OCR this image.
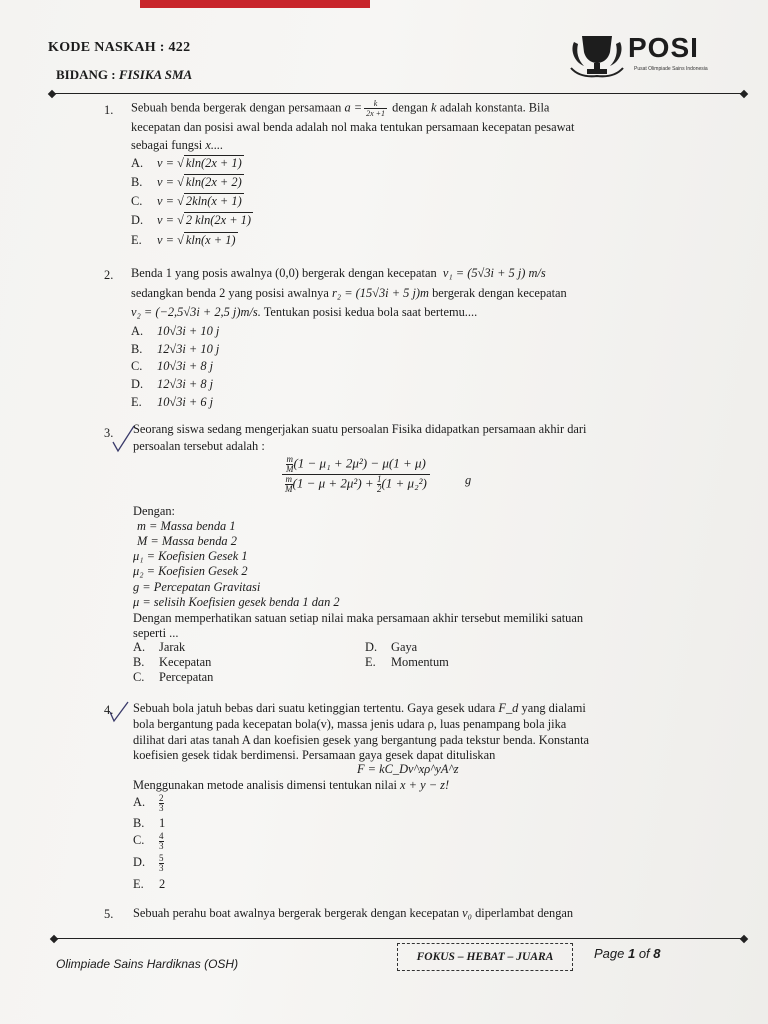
KODE NASKAH : 422
BIDANG : FISIKA SMA
POSI
Pusat Olimpiade Sains Indonesia
1. Sebuah benda bergerak dengan persamaan $a = \frac{k}{2x +1}$ dengan k adalah konstanta. Bila
kecepatan dan posisi awal benda adalah nol maka tentukan persamaan kecepatan pesawat
sebagai fungsi x....
A. v = √ kln(2x + 1)
B. v = √ kln(2x + 2)
C. v = √ 2kln(x + 1)
D. v = √ 2 kln(2x + 1)
E. v = √ kln(x + 1)
2. Benda 1 yang posis awalnya (0,0) bergerak dengan kecepatan v₁ = (5√3i + 5 j) m/s
sedangkan benda 2 yang posisi awalnya r₂ = (15√3i + 5 j)m bergerak dengan kecepatan
v₂ = (−2,5√3i + 2,5 j)m/s. Tentukan posisi kedua bola saat bertemu....
A. 10√3i + 10 j
B. 12√3i + 10 j
C. 10√3i + 8 j
D. 12√3i + 8 j
E. 10√3i + 6 j
3. Seorang siswa sedang mengerjakan suatu persoalan Fisika didapatkan persamaan akhir dari
persoalan tersebut adalah :
$\frac{m}{M} (1 - \mu_1 + 2\mu^2) - \mu(1 + \mu)$
$\frac{m}{M} (1 - \mu + 2\mu^2) + \frac{1}{2} (1 + \mu_2^2)$	g
Dengan:
m = Massa benda 1
M = Massa benda 2
μ₁ = Koefisien Gesek 1
μ₂ = Koefisien Gesek 2
g = Percepatan Gravitasi
μ = selisih Koefisien gesek benda 1 dan 2
Dengan memperhatikan satuan setiap nilai maka persamaan akhir tersebut memiliki satuan
seperti ...
A. Jarak
B. Kecepatan
C. Percepatan
D. Gaya
E. Momentum
4. Sebuah bola jatuh bebas dari suatu ketinggian tertentu. Gaya gesek udara F_d yang dialami
bola bergantung pada kecepatan bola(v), massa jenis udara ρ, luas penampang bola jika
dilihat dari atas tanah A dan koefisien gesek yang bergantung pada tekstur benda. Konstanta
koefisien gesek tidak berdimensi. Persamaan gaya gesek dapat dituliskan
F = kC_Dv^xρ^yA^z
Menggunakan metode analisis dimensi tentukan nilai x + y − z!
A. $\frac{2}{3}$
B. 1
C. $\frac{4}{3}$
D. $\frac{5}{3}$
E. 2
5. Sebuah perahu boat awalnya bergerak bergerak dengan kecepatan v₀ diperlambat dengan
Olimpiade Sains Hardiknas (OSH)	FOKUS – HEBAT – JUARA	Page 1 of 8
